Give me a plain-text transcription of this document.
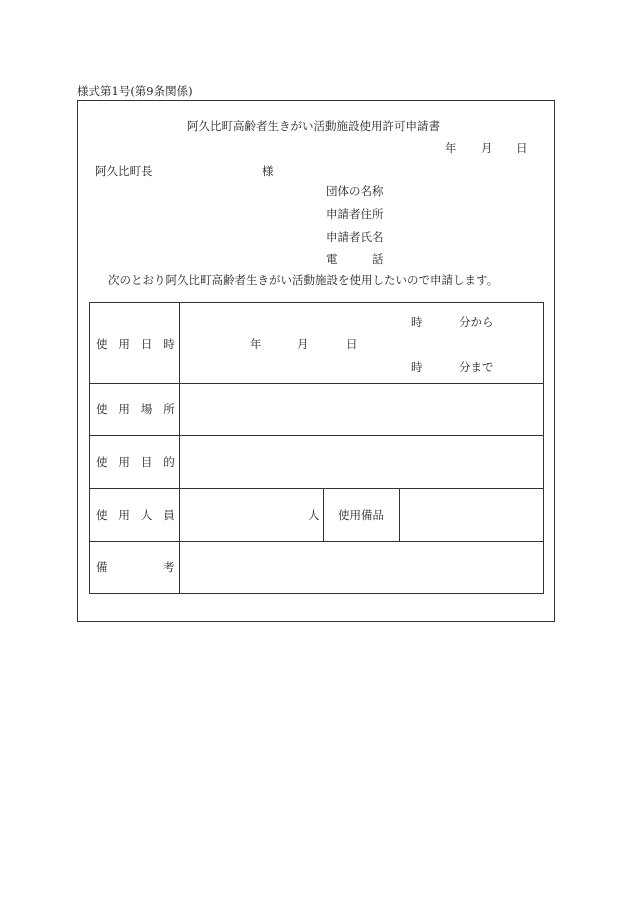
様式第1号(第9条関係)
阿久比町高齢者生きがい活動施設使用許可申請書
年 月 日
阿久比町長	様
団体の名称
申請者住所
申請者氏名
電	話
次のとおり阿久比町高齢者生きがい活動施設を使用したいので申請します。
使用日時	年	月	日
時	分から
時	分まで
使用場所
使用目的
使用人員	人 使用備品
備	考
